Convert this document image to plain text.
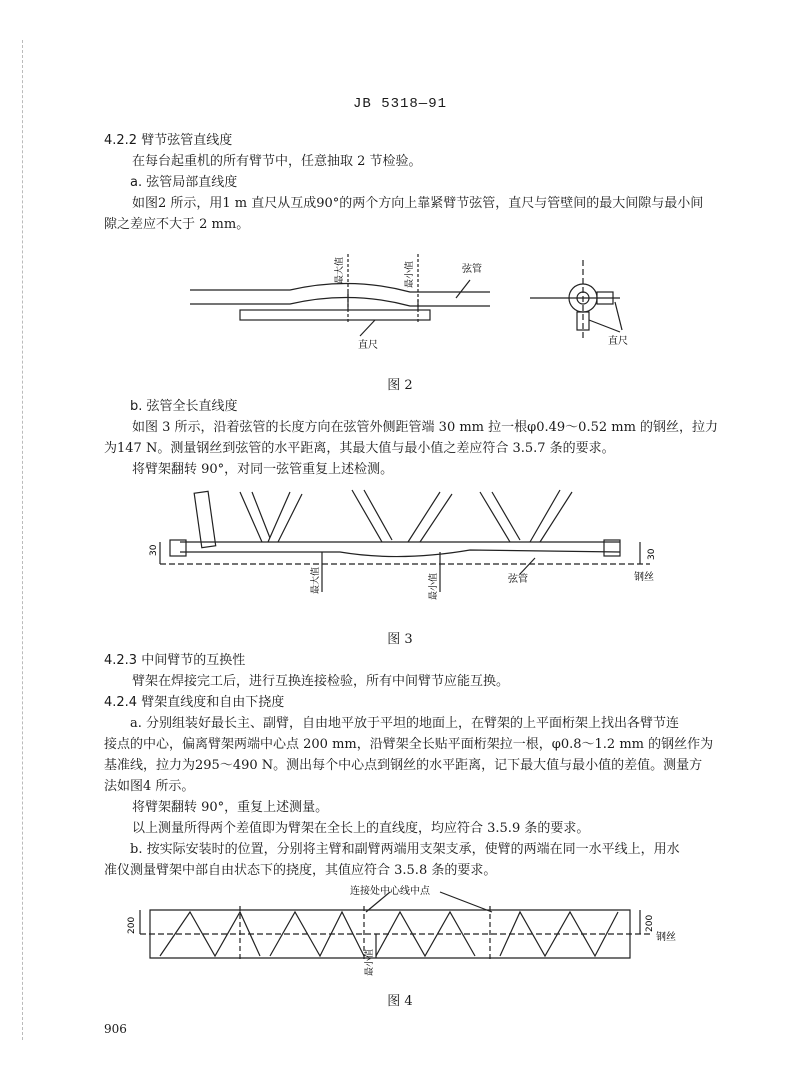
JB 5318—91
4.2.2 臂节弦管直线度
在每台起重机的所有臂节中，任意抽取 2 节检验。
a. 弦管局部直线度
如图2 所示，用1 m 直尺从互成90°的两个方向上靠紧臂节弦管，直尺与管壁间的最大间隙与最小间
隙之差应不大于 2 mm。
最大值	最小值	弦管
直尺	直尺
图 2
b. 弦管全长直线度
如图 3 所示，沿着弦管的长度方向在弦管外侧距管端 30 mm 拉一根φ0.49～0.52 mm 的钢丝，拉力
为147 N。测量钢丝到弦管的水平距离，其最大值与最小值之差应符合 3.5.7 条的要求。
将臂架翻转 90°，对同一弦管重复上述检测。
30	30
最大值	最小值	弦管	钢丝
图 3
4.2.3 中间臂节的互换性
臂架在焊接完工后，进行互换连接检验，所有中间臂节应能互换。
4.2.4 臂架直线度和自由下挠度
a. 分别组装好最长主、副臂，自由地平放于平坦的地面上，在臂架的上平面桁架上找出各臂节连
接点的中心，偏离臂架两端中心点 200 mm，沿臂架全长贴平面桁架拉一根，φ0.8～1.2 mm 的钢丝作为
基准线，拉力为295～490 N。测出每个中心点到钢丝的水平距离，记下最大值与最小值的差值。测量方
法如图4 所示。
将臂架翻转 90°，重复上述测量。
以上测量所得两个差值即为臂架在全长上的直线度，均应符合 3.5.9 条的要求。
b. 按实际安装时的位置，分别将主臂和副臂两端用支架支承，使臂的两端在同一水平线上，用水
准仪测量臂架中部自由状态下的挠度，其值应符合 3.5.8 条的要求。
连接处中心线中点
200	200
最小值
钢丝
图 4
906
